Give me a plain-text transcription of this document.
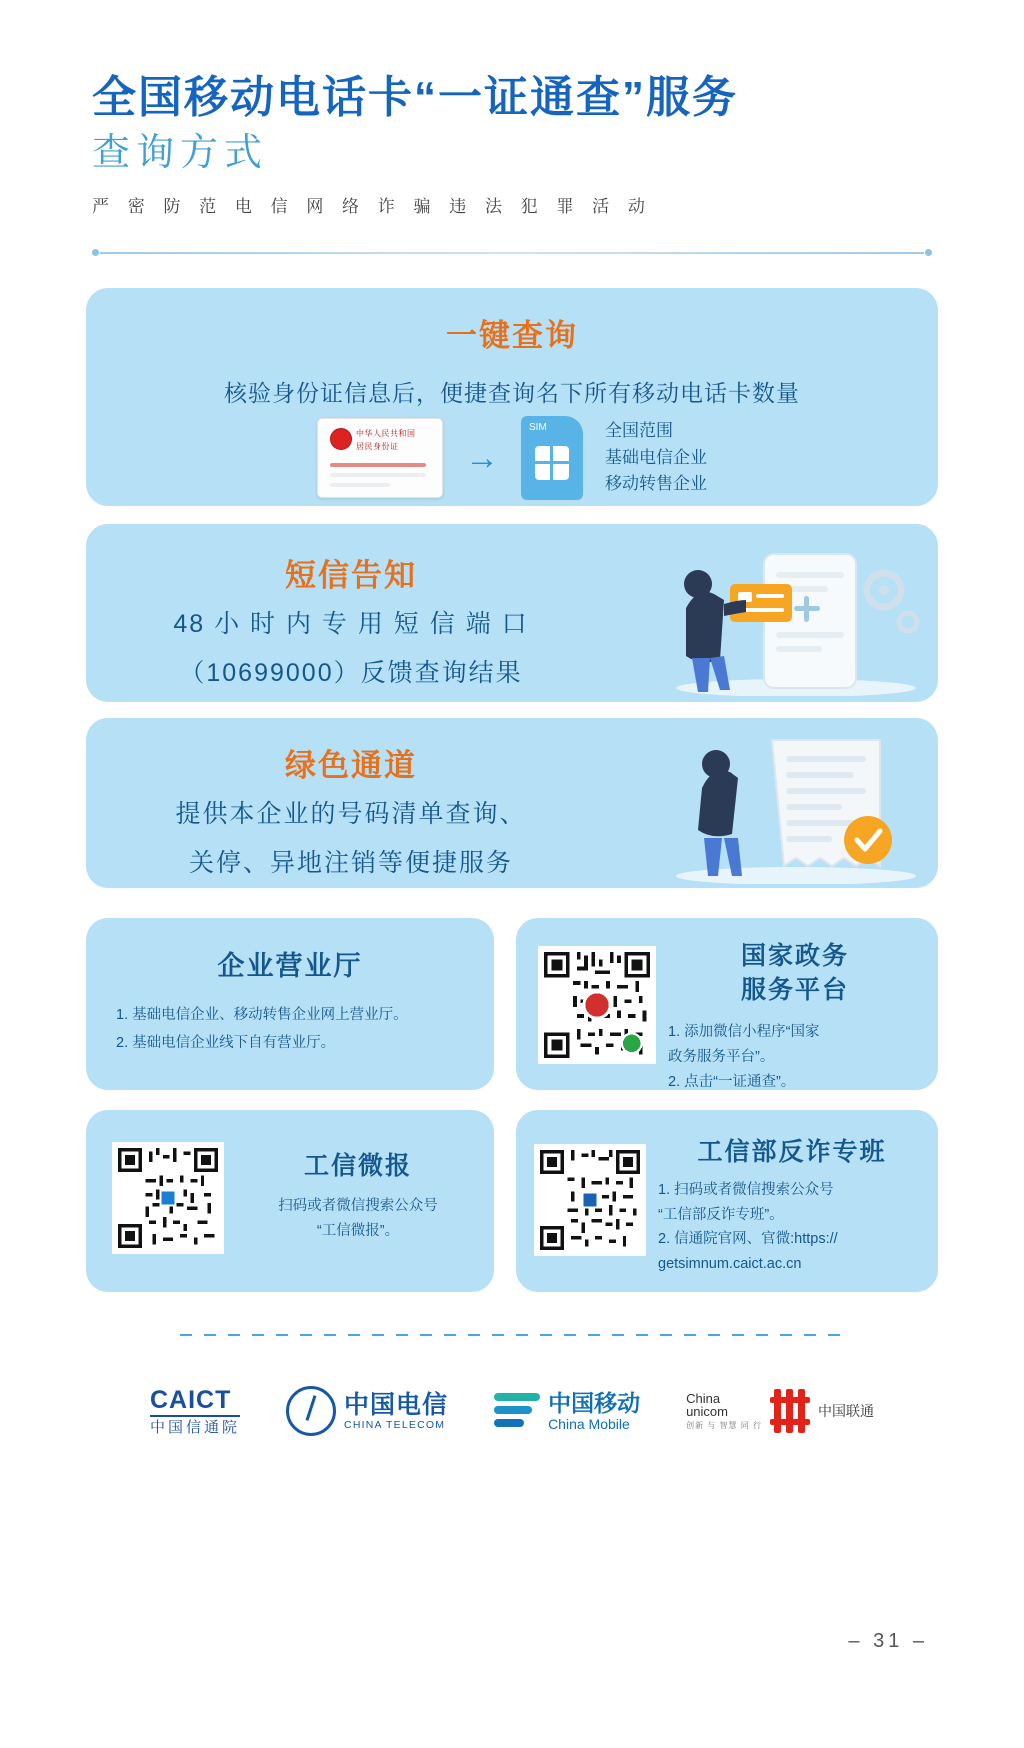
全国移动电话卡“一证通查”服务
查询方式
严 密 防 范 电 信 网 络 诈 骗 违 法 犯 罪 活 动
一键查询
核验身份证信息后，便捷查询名下所有移动电话卡数量
中华人民共和国
居民身份证 →
SIM	全国范围
基础电信企业
移动转售企业
短信告知
48 小 时 内 专 用 短 信 端 口
（10699000）反馈查询结果
绿色通道
提供本企业的号码清单查询、
关停、异地注销等便捷服务
企业营业厅
1. 基础电信企业、移动转售企业网上营业厅。
2. 基础电信企业线下自有营业厅。
国家政务
服务平台
1. 添加微信小程序“国家
政务服务平台”。
2. 点击“一证通查”。
工信微报
扫码或者微信搜索公众号
“工信微报”。
工信部反诈专班
1. 扫码或者微信搜索公众号
“工信部反诈专班”。
2. 信通院官网、官微:https://
getsimnum.caict.ac.cn
CAICT
中国信通院
中国电信
CHINA TELECOM
中国移动
China Mobile
China
unicom
创新 与 智慧 同 行
中国联通
– 31 –
